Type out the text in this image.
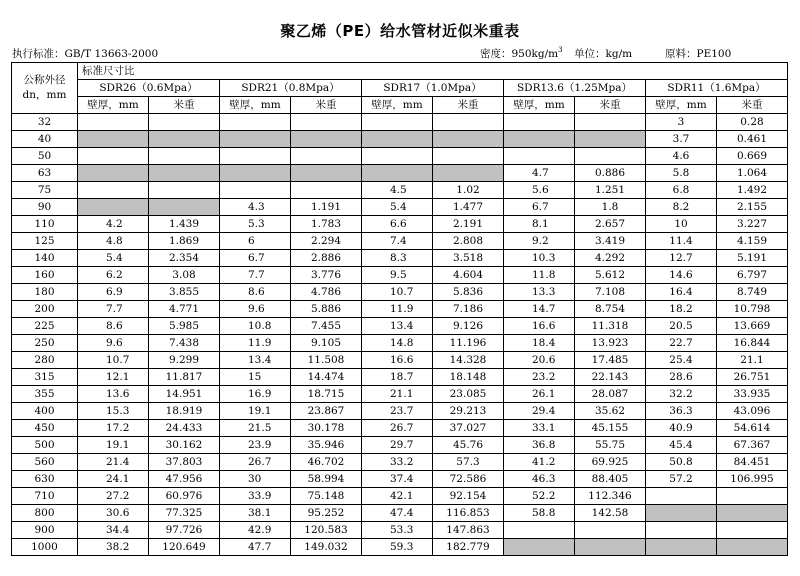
聚乙烯（PE）给水管材近似米重表
执行标准：GB/T 13663-2000	密度：$950kg/m^3$ 单位：kg/m	原料：PE100
公称外径
dn，mm	标准尺寸比									
	SDR26（0.6Mpa）		SDR21（0.8Mpa）		SDR17（1.0Mpa）		SDR13.6（1.25Mpa）		SDR11（1.6Mpa）	
	壁厚，mm	米重	壁厚，mm	米重	壁厚，mm	米重	壁厚，mm	米重	壁厚，mm	米重
32									3	0.28
40									3.7	0.461
50									4.6	0.669
63							4.7	0.886	5.8	1.064
75					4.5	1.02	5.6	1.251	6.8	1.492
90			4.3	1.191	5.4	1.477	6.7	1.8	8.2	2.155
110	4.2	1.439	5.3	1.783	6.6	2.191	8.1	2.657	10	3.227
125	4.8	1.869	6	2.294	7.4	2.808	9.2	3.419	11.4	4.159
140	5.4	2.354	6.7	2.886	8.3	3.518	10.3	4.292	12.7	5.191
160	6.2	3.08	7.7	3.776	9.5	4.604	11.8	5.612	14.6	6.797
180	6.9	3.855	8.6	4.786	10.7	5.836	13.3	7.108	16.4	8.749
200	7.7	4.771	9.6	5.886	11.9	7.186	14.7	8.754	18.2	10.798
225	8.6	5.985	10.8	7.455	13.4	9.126	16.6	11.318	20.5	13.669
250	9.6	7.438	11.9	9.105	14.8	11.196	18.4	13.923	22.7	16.844
280	10.7	9.299	13.4	11.508	16.6	14.328	20.6	17.485	25.4	21.1
315	12.1	11.817	15	14.474	18.7	18.148	23.2	22.143	28.6	26.751
355	13.6	14.951	16.9	18.715	21.1	23.085	26.1	28.087	32.2	33.935
400	15.3	18.919	19.1	23.867	23.7	29.213	29.4	35.62	36.3	43.096
450	17.2	24.433	21.5	30.178	26.7	37.027	33.1	45.155	40.9	54.614
500	19.1	30.162	23.9	35.946	29.7	45.76	36.8	55.75	45.4	67.367
560	21.4	37.803	26.7	46.702	33.2	57.3	41.2	69.925	50.8	84.451
630	24.1	47.956	30	58.994	37.4	72.586	46.3	88.405	57.2	106.995
710	27.2	60.976	33.9	75.148	42.1	92.154	52.2	112.346		
800	30.6	77.325	38.1	95.252	47.4	116.853	58.8	142.58		
900	34.4	97.726	42.9	120.583	53.3	147.863				
1000	38.2	120.649	47.7	149.032	59.3	182.779				
